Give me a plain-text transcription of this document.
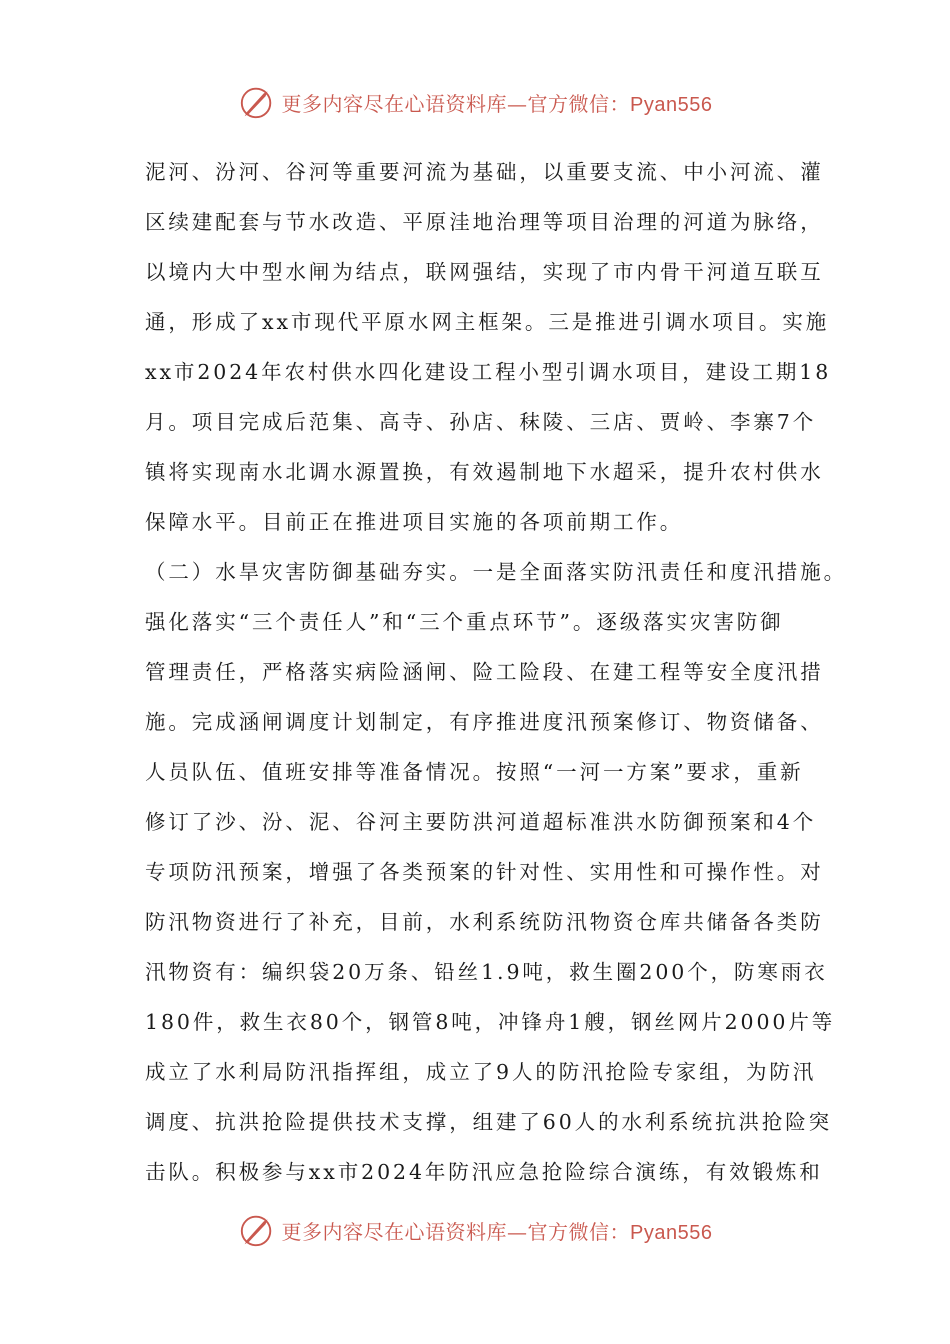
更多内容尽在心语资料库—官方微信：Pyan556
泥河、汾河、谷河等重要河流为基础，以重要支流、中小河流、灌
区续建配套与节水改造、平原洼地治理等项目治理的河道为脉络，
以境内大中型水闸为结点，联网强结，实现了市内骨干河道互联互
通，形成了xx市现代平原水网主框架。三是推进引调水项目。实施
xx市2024年农村供水四化建设工程小型引调水项目，建设工期18
月。项目完成后范集、高寺、孙店、秣陵、三店、贾岭、李寨7个
镇将实现南水北调水源置换，有效遏制地下水超采，提升农村供水
保障水平。目前正在推进项目实施的各项前期工作。
（二）水旱灾害防御基础夯实。一是全面落实防汛责任和度汛措施。
强化落实“三个责任人”和“三个重点环节”。逐级落实灾害防御
管理责任，严格落实病险涵闸、险工险段、在建工程等安全度汛措
施。完成涵闸调度计划制定，有序推进度汛预案修订、物资储备、
人员队伍、值班安排等准备情况。按照“一河一方案”要求，重新
修订了沙、汾、泥、谷河主要防洪河道超标准洪水防御预案和4个
专项防汛预案，增强了各类预案的针对性、实用性和可操作性。对
防汛物资进行了补充，目前，水利系统防汛物资仓库共储备各类防
汛物资有：编织袋20万条、铅丝1.9吨，救生圈200个，防寒雨衣
180件，救生衣80个，钢管8吨，冲锋舟1艘，钢丝网片2000片等
成立了水利局防汛指挥组，成立了9人的防汛抢险专家组，为防汛
调度、抗洪抢险提供技术支撑，组建了60人的水利系统抗洪抢险突
击队。积极参与xx市2024年防汛应急抢险综合演练，有效锻炼和
更多内容尽在心语资料库—官方微信：Pyan556
